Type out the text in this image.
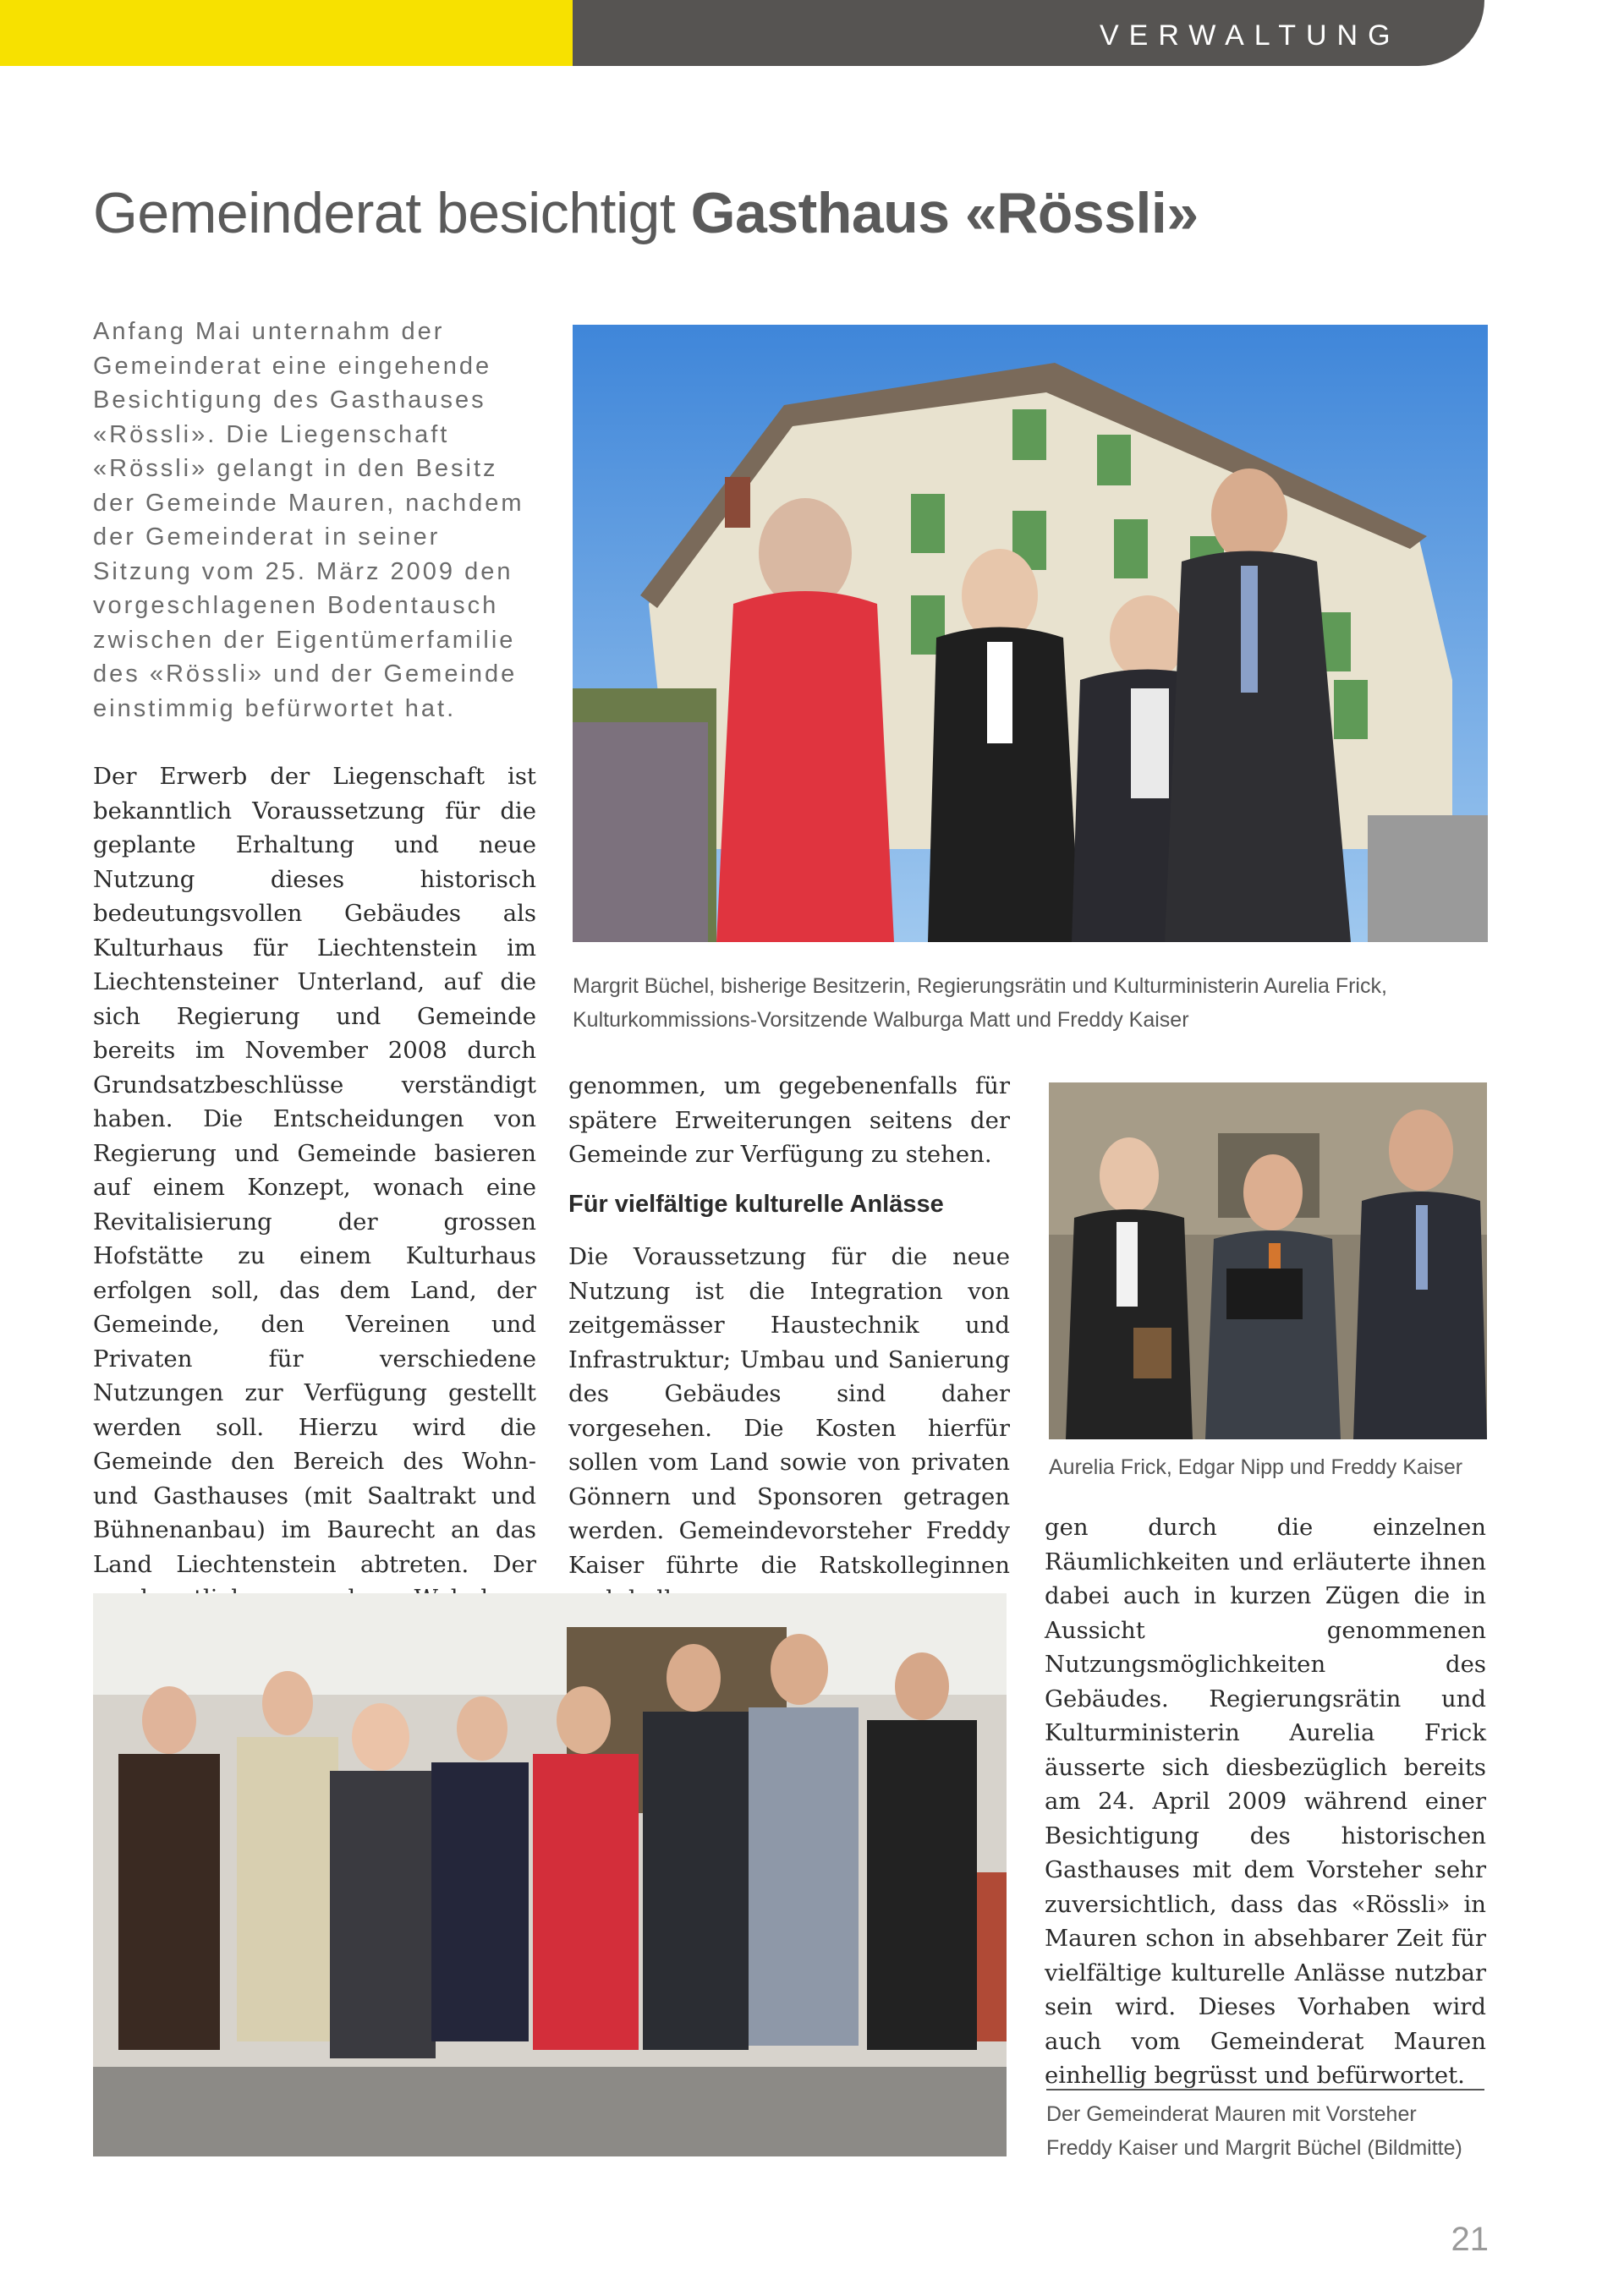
VERWALTUNG
Gemeinderat besichtigt Gasthaus «Rössli»
Anfang Mai unternahm der Gemeinderat eine eingehende Besichtigung des Gasthauses «Rössli». Die Liegenschaft «Rössli» gelangt in den Besitz der Gemeinde Mauren, nachdem der Gemeinderat in seiner Sitzung vom 25. März 2009 den vorgeschlagenen Bodentausch zwischen der Eigentümerfamilie des «Rössli» und der Gemeinde einstimmig befürwortet hat.
Der Erwerb der Liegenschaft ist bekanntlich Voraussetzung für die geplante Erhaltung und neue Nutzung dieses historisch bedeutungsvollen Gebäudes als Kulturhaus für Liechtenstein im Liechtensteiner Unterland, auf die sich Regierung und Gemeinde bereits im November 2008 durch Grundsatzbeschlüsse verständigt haben. Die Entscheidungen von Regierung und Gemeinde basieren auf einem Konzept, wonach eine Revitalisierung der grossen Hofstätte zu einem Kulturhaus erfolgen soll, das dem Land, der Gemeinde, den Vereinen und Privaten für verschiedene Nutzungen zur Verfügung gestellt werden soll. Hierzu wird die Gemeinde den Bereich des Wohn- und Gasthauses (mit Saaltrakt und Bühnenanbau) im Baurecht an das Land Liechtenstein abtreten. Der
Margrit Büchel, bisherige Besitzerin, Regierungsrätin und Kulturministerin Aurelia Frick,
Kulturkommissions-Vorsitzende Walburga Matt und Freddy Kaiser
genommen, um gegebenenfalls für spätere Erweiterungen seitens der Gemeinde zur Verfügung zu stehen.
Für vielfältige kulturelle Anlässe
Die Voraussetzung für die neue Nutzung ist die Integration von zeitgemässer Haustechnik und Infrastruktur; Umbau und Sanierung des Gebäudes sind daher vorgesehen. Die Kosten hierfür sollen vom Land sowie von privaten Gönnern und Sponsoren getragen werden. Gemeindevorsteher Freddy Kaiser führte die Ratskolleginnen
Aurelia Frick, Edgar Nipp und Freddy Kaiser
gen durch die einzelnen Räumlichkeiten und erläuterte ihnen dabei auch in kurzen Zügen die in Aussicht genommenen Nutzungsmöglichkeiten des Gebäudes. Regierungsrätin und Kulturministerin Aurelia Frick äusserte sich diesbezüglich bereits am 24. April 2009 während einer Besichtigung des historischen Gasthauses mit dem Vorsteher sehr zuversichtlich, dass das «Rössli» in Mauren schon in absehbarer Zeit für vielfältige kulturelle Anlässe nutzbar sein wird. Dieses Vorhaben wird auch vom Gemeinderat Mauren einhellig begrüsst und befürwortet.
Der Gemeinderat Mauren mit Vorsteher
Freddy Kaiser und Margrit Büchel (Bildmitte)
21
